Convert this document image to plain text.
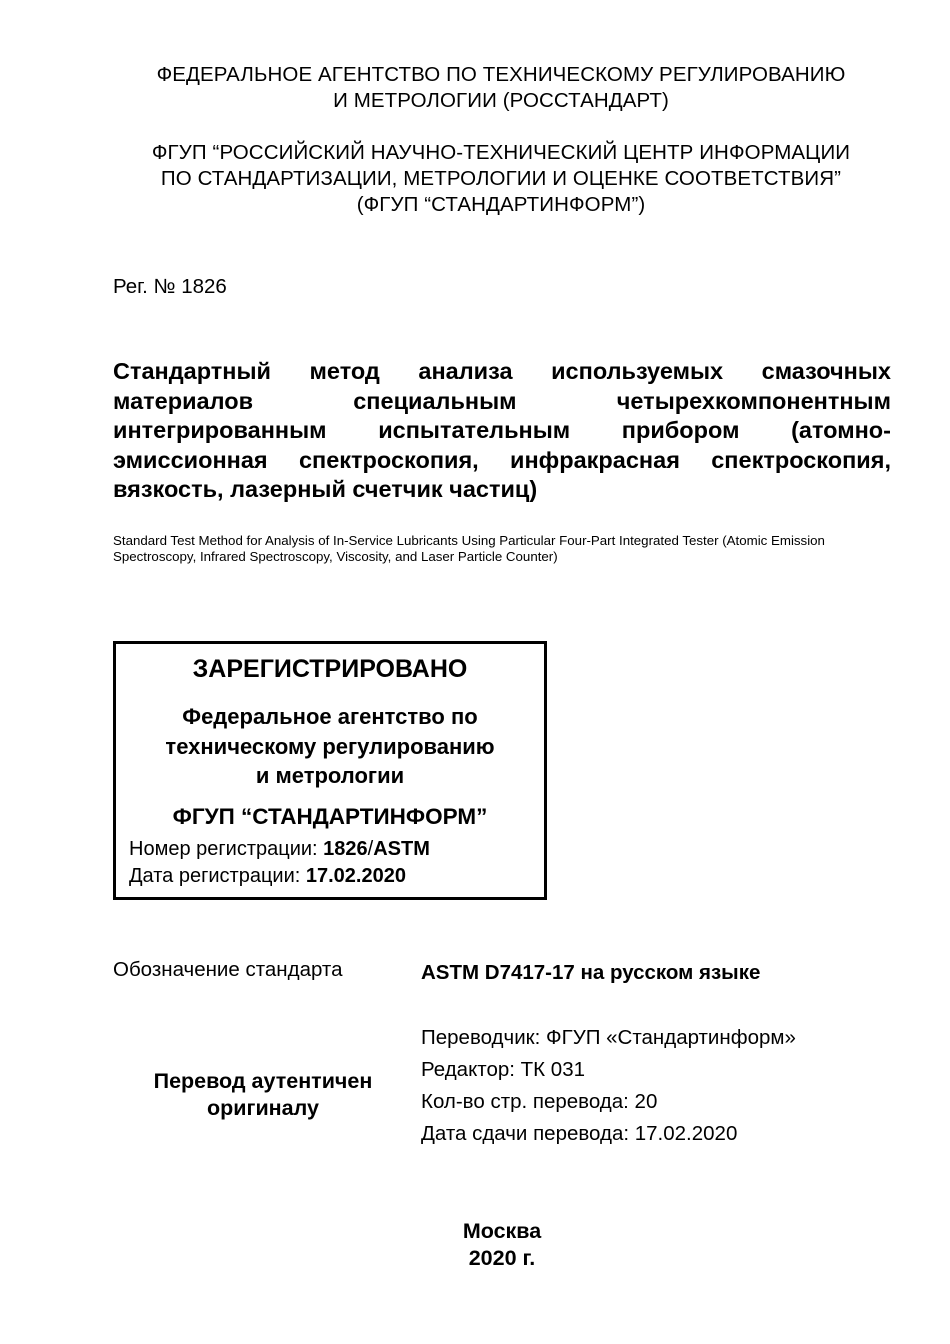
ФЕДЕРАЛЬНОЕ АГЕНТСТВО ПО ТЕХНИЧЕСКОМУ РЕГУЛИРОВАНИЮ
И МЕТРОЛОГИИ (РОССТАНДАРТ)
ФГУП “РОССИЙСКИЙ НАУЧНО-ТЕХНИЧЕСКИЙ ЦЕНТР ИНФОРМАЦИИ
ПО СТАНДАРТИЗАЦИИ, МЕТРОЛОГИИ И ОЦЕНКЕ СООТВЕТСТВИЯ”
(ФГУП “СТАНДАРТИНФОРМ”)
Рег. № 1826
Стандартный метод анализа используемых смазочных
материалов специальным четырехкомпонентным
интегрированным испытательным прибором (атомно-
эмиссионная спектроскопия, инфракрасная спектроскопия,
вязкость, лазерный счетчик частиц)
Standard Test Method for Analysis of In-Service Lubricants Using Particular Four-Part Integrated Tester (Atomic Emission
Spectroscopy, Infrared Spectroscopy, Viscosity, and Laser Particle Counter)
ЗАРЕГИСТРИРОВАНО
Федеральное агентство по
техническому регулированию
и метрологии
ФГУП “СТАНДАРТИНФОРМ”
Номер регистрации: 1826/ASTM
Дата регистрации: 17.02.2020
Обозначение стандарта	ASTM D7417-17 на русском языке
Перевод аутентичен
оригиналу
Переводчик: ФГУП «Стандартинформ»
Редактор: ТК 031
Кол-во стр. перевода: 20
Дата сдачи перевода: 17.02.2020
Москва
2020 г.
